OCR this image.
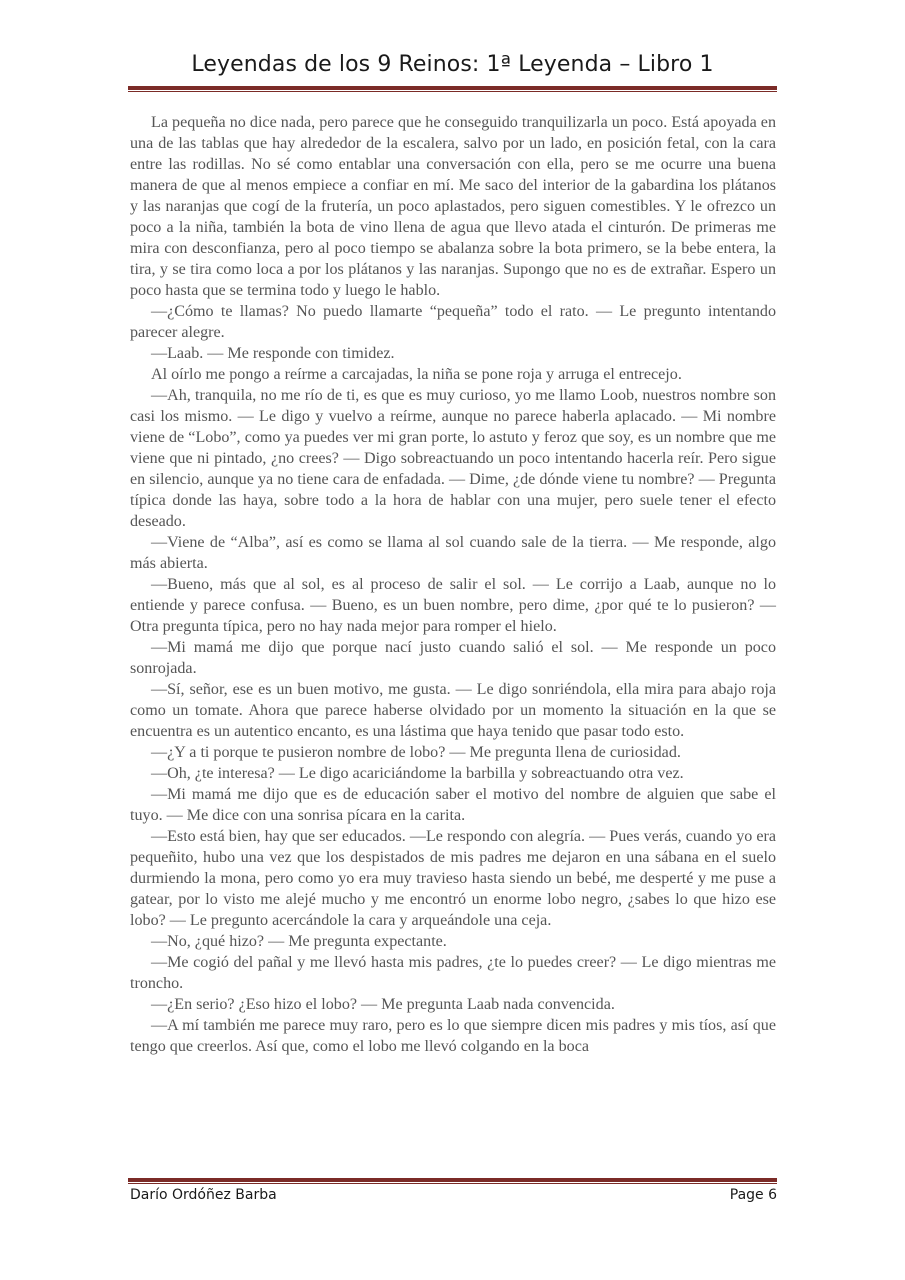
Leyendas de los 9 Reinos: 1ª Leyenda – Libro 1

La pequeña no dice nada, pero parece que he conseguido tranquilizarla un poco. Está apoyada en una de las tablas que hay alrededor de la escalera, salvo por un lado, en posición fetal, con la cara entre las rodillas. No sé como entablar una conversación con ella, pero se me ocurre una buena manera de que al menos empiece a confiar en mí. Me saco del interior de la gabardina los plátanos y las naranjas que cogí de la frutería, un poco aplastados, pero siguen comestibles. Y le ofrezco un poco a la niña, también la bota de vino llena de agua que llevo atada el cinturón. De primeras me mira con desconfianza, pero al poco tiempo se abalanza sobre la bota primero, se la bebe entera, la tira, y se tira como loca a por los plátanos y las naranjas. Supongo que no es de extrañar. Espero un poco hasta que se termina todo y luego le hablo.

—¿Cómo te llamas? No puedo llamarte “pequeña” todo el rato. — Le pregunto intentando parecer alegre.

—Laab. — Me responde con timidez.

Al oírlo me pongo a reírme a carcajadas, la niña se pone roja y arruga el entrecejo.

—Ah, tranquila, no me río de ti, es que es muy curioso, yo me llamo Loob, nuestros nombre son casi los mismo. — Le digo y vuelvo a reírme, aunque no parece haberla aplacado. — Mi nombre viene de “Lobo”, como ya puedes ver mi gran porte, lo astuto y feroz que soy, es un nombre que me viene que ni pintado, ¿no crees? — Digo sobreactuando un poco intentando hacerla reír. Pero sigue en silencio, aunque ya no tiene cara de enfadada. — Dime, ¿de dónde viene tu nombre? — Pregunta típica donde las haya, sobre todo a la hora de hablar con una mujer, pero suele tener el efecto deseado.

—Viene de “Alba”, así es como se llama al sol cuando sale de la tierra. — Me responde, algo más abierta.

—Bueno, más que al sol, es al proceso de salir el sol. — Le corrijo a Laab, aunque no lo entiende y parece confusa. — Bueno, es un buen nombre, pero dime, ¿por qué te lo pusieron? — Otra pregunta típica, pero no hay nada mejor para romper el hielo.

—Mi mamá me dijo que porque nací justo cuando salió el sol. — Me responde un poco sonrojada.

—Sí, señor, ese es un buen motivo, me gusta. — Le digo sonriéndola, ella mira para abajo roja como un tomate. Ahora que parece haberse olvidado por un momento la situación en la que se encuentra es un autentico encanto, es una lástima que haya tenido que pasar todo esto.

—¿Y a ti porque te pusieron nombre de lobo? — Me pregunta llena de curiosidad.

—Oh, ¿te interesa? — Le digo acariciándome la barbilla y sobreactuando otra vez.

—Mi mamá me dijo que es de educación saber el motivo del nombre de alguien que sabe el tuyo. — Me dice con una sonrisa pícara en la carita.

—Esto está bien, hay que ser educados. —Le respondo con alegría. — Pues verás, cuando yo era pequeñito, hubo una vez que los despistados de mis padres me dejaron en una sábana en el suelo durmiendo la mona, pero como yo era muy travieso hasta siendo un bebé, me desperté y me puse a gatear, por lo visto me alejé mucho y me encontró un enorme lobo negro, ¿sabes lo que hizo ese lobo? — Le pregunto acercándole la cara y arqueándole una ceja.

—No, ¿qué hizo? — Me pregunta expectante.

—Me cogió del pañal y me llevó hasta mis padres, ¿te lo puedes creer? — Le digo mientras me troncho.

—¿En serio? ¿Eso hizo el lobo? — Me pregunta Laab nada convencida.

—A mí también me parece muy raro, pero es lo que siempre dicen mis padres y mis tíos, así que tengo que creerlos. Así que, como el lobo me llevó colgando en la boca

Darío Ordóñez Barba	Page 6
